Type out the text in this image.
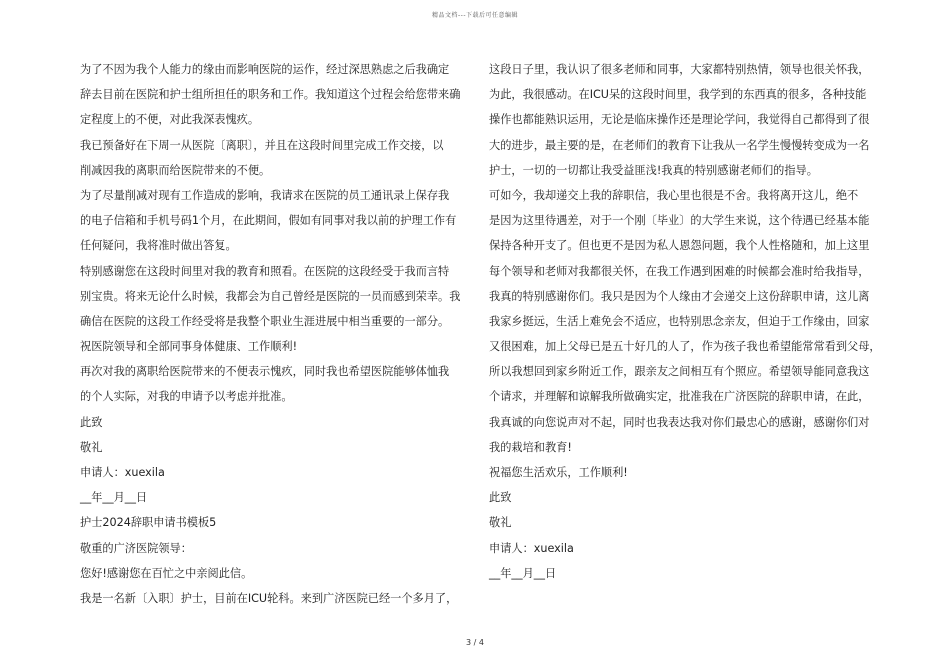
精品文档---下载后可任意编辑
为了不因为我个人能力的缘由而影响医院的运作，经过深思熟虑之后我确定
辞去目前在医院和护士组所担任的职务和工作。我知道这个过程会给您带来确
定程度上的不便，对此我深表愧疚。
我已预备好在下周一从医院〔离职〕，并且在这段时间里完成工作交接，以
削减因我的离职而给医院带来的不便。
为了尽量削减对现有工作造成的影响，我请求在医院的员工通讯录上保存我
的电子信箱和手机号码1个月，在此期间，假如有同事对我以前的护理工作有
任何疑问，我将准时做出答复。
特别感谢您在这段时间里对我的教育和照看。在医院的这段经受于我而言特
别宝贵。将来无论什么时候，我都会为自己曾经是医院的一员而感到荣幸。我
确信在医院的这段工作经受将是我整个职业生涯进展中相当重要的一部分。
祝医院领导和全部同事身体健康、工作顺利!
再次对我的离职给医院带来的不便表示愧疚，同时我也希望医院能够体恤我
的个人实际，对我的申请予以考虑并批准。
此致
敬礼
申请人：xuexila
__年__月__日
护士2024辞职申请书模板5
敬重的广济医院领导：
您好!感谢您在百忙之中亲阅此信。
我是一名新〔入职〕护士，目前在ICU轮科。来到广济医院已经一个多月了，
这段日子里，我认识了很多老师和同事，大家都特别热情，领导也很关怀我，
为此，我很感动。在ICU呆的这段时间里，我学到的东西真的很多，各种技能
操作也都能熟识运用，无论是临床操作还是理论学问，我觉得自己都得到了很
大的进步，最主要的是，在老师们的教育下让我从一名学生慢慢转变成为一名
护士，一切的一切都让我受益匪浅!我真的特别感谢老师们的指导。
可如今，我却递交上我的辞职信，我心里也很是不舍。我将离开这儿，绝不
是因为这里待遇差，对于一个刚〔毕业〕的大学生来说，这个待遇已经基本能
保持各种开支了。但也更不是因为私人恩怨问题，我个人性格随和，加上这里
每个领导和老师对我都很关怀，在我工作遇到困难的时候都会准时给我指导，
我真的特别感谢你们。我只是因为个人缘由才会递交上这份辞职申请，这儿离
我家乡挺远，生活上难免会不适应，也特别思念亲友，但迫于工作缘由，回家
又很困难，加上父母已是五十好几的人了，作为孩子我也希望能常常看到父母，
所以我想回到家乡附近工作，跟亲友之间相互有个照应。希望领导能同意我这
个请求，并理解和谅解我所做确实定，批准我在广济医院的辞职申请，在此，
我真诚的向您说声对不起，同时也我表达我对你们最忠心的感谢，感谢你们对
我的栽培和教育!
祝福您生活欢乐，工作顺利!
此致
敬礼
申请人：xuexila
__年__月__日
3 / 4
